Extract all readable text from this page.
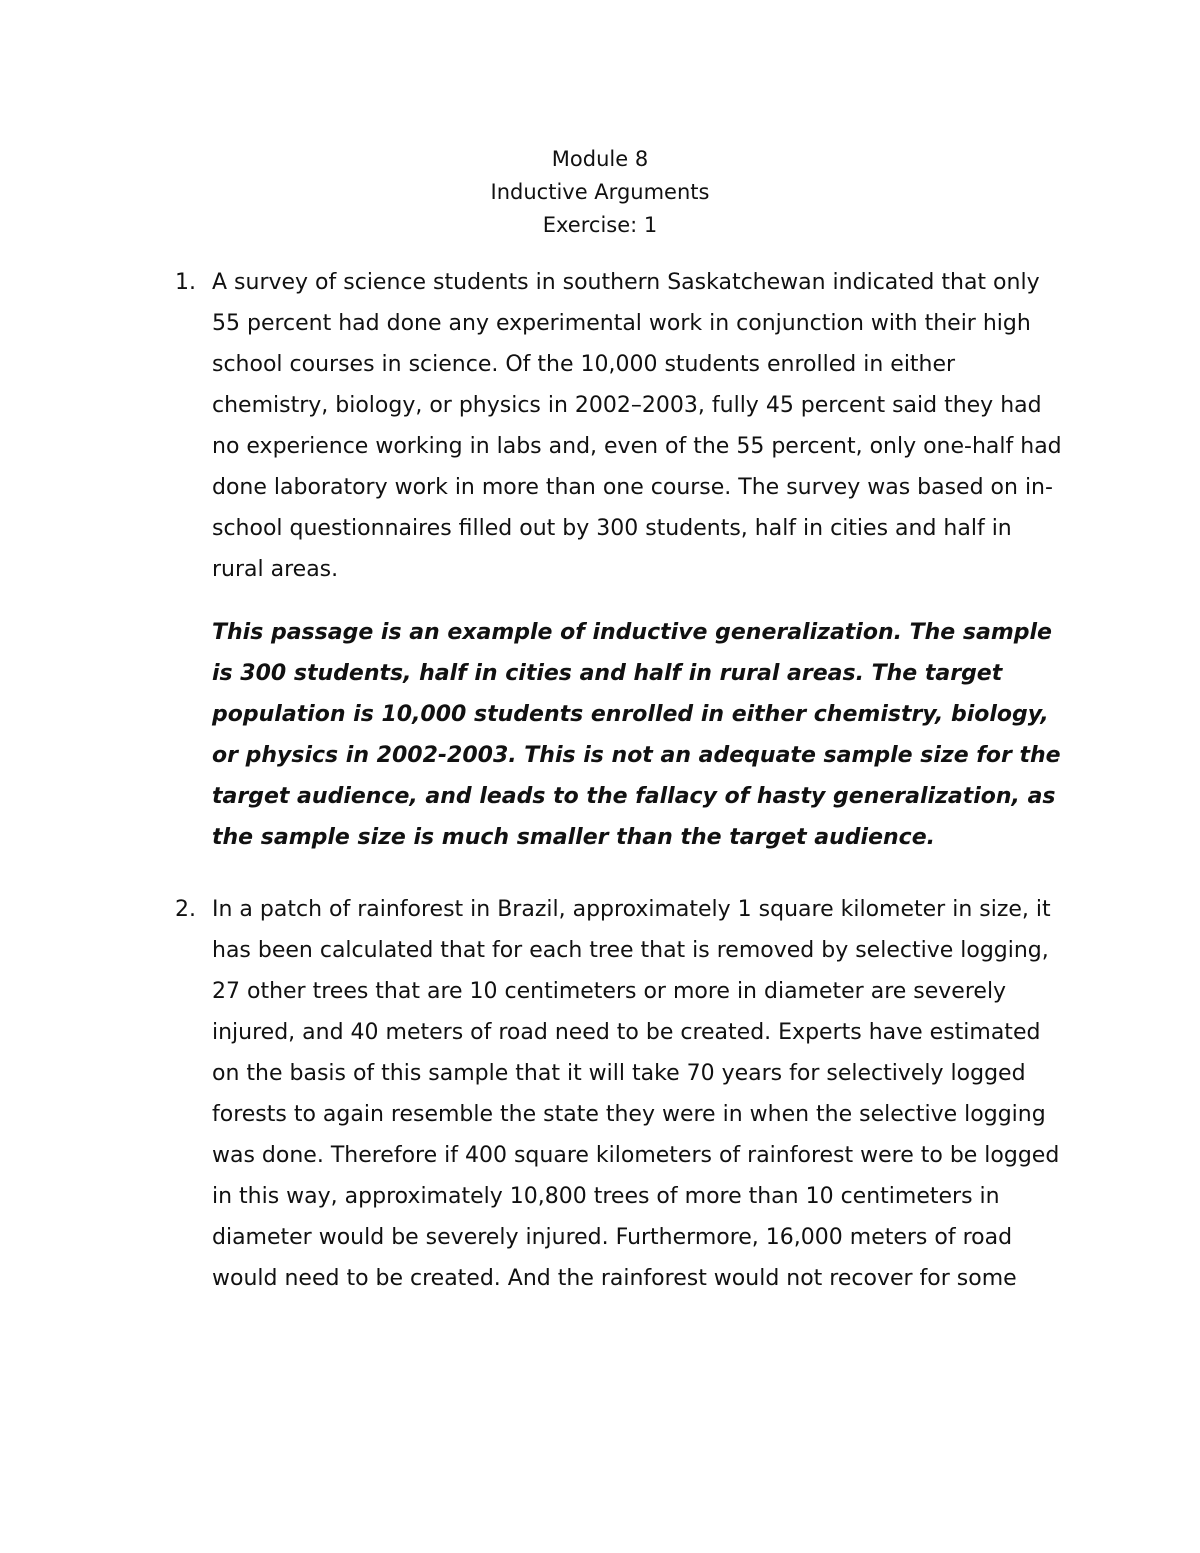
Module 8
Inductive Arguments
Exercise: 1
1. A survey of science students in southern Saskatchewan indicated that only 55 percent had done any experimental work in conjunction with their high school courses in science. Of the 10,000 students enrolled in either chemistry, biology, or physics in 2002–2003, fully 45 percent said they had no experience working in labs and, even of the 55 percent, only one-half had done laboratory work in more than one course. The survey was based on in- school questionnaires filled out by 300 students, half in cities and half in rural areas.

This passage is an example of inductive generalization. The sample is 300 students, half in cities and half in rural areas. The target population is 10,000 students enrolled in either chemistry, biology, or physics in 2002-2003. This is not an adequate sample size for the target audience, and leads to the fallacy of hasty generalization, as the sample size is much smaller than the target audience.

2. In a patch of rainforest in Brazil, approximately 1 square kilometer in size, it has been calculated that for each tree that is removed by selective logging, 27 other trees that are 10 centimeters or more in diameter are severely injured, and 40 meters of road need to be created. Experts have estimated on the basis of this sample that it will take 70 years for selectively logged forests to again resemble the state they were in when the selective logging was done. Therefore if 400 square kilometers of rainforest were to be logged in this way, approximately 10,800 trees of more than 10 centimeters in diameter would be severely injured. Furthermore, 16,000 meters of road would need to be created. And the rainforest would not recover for some
